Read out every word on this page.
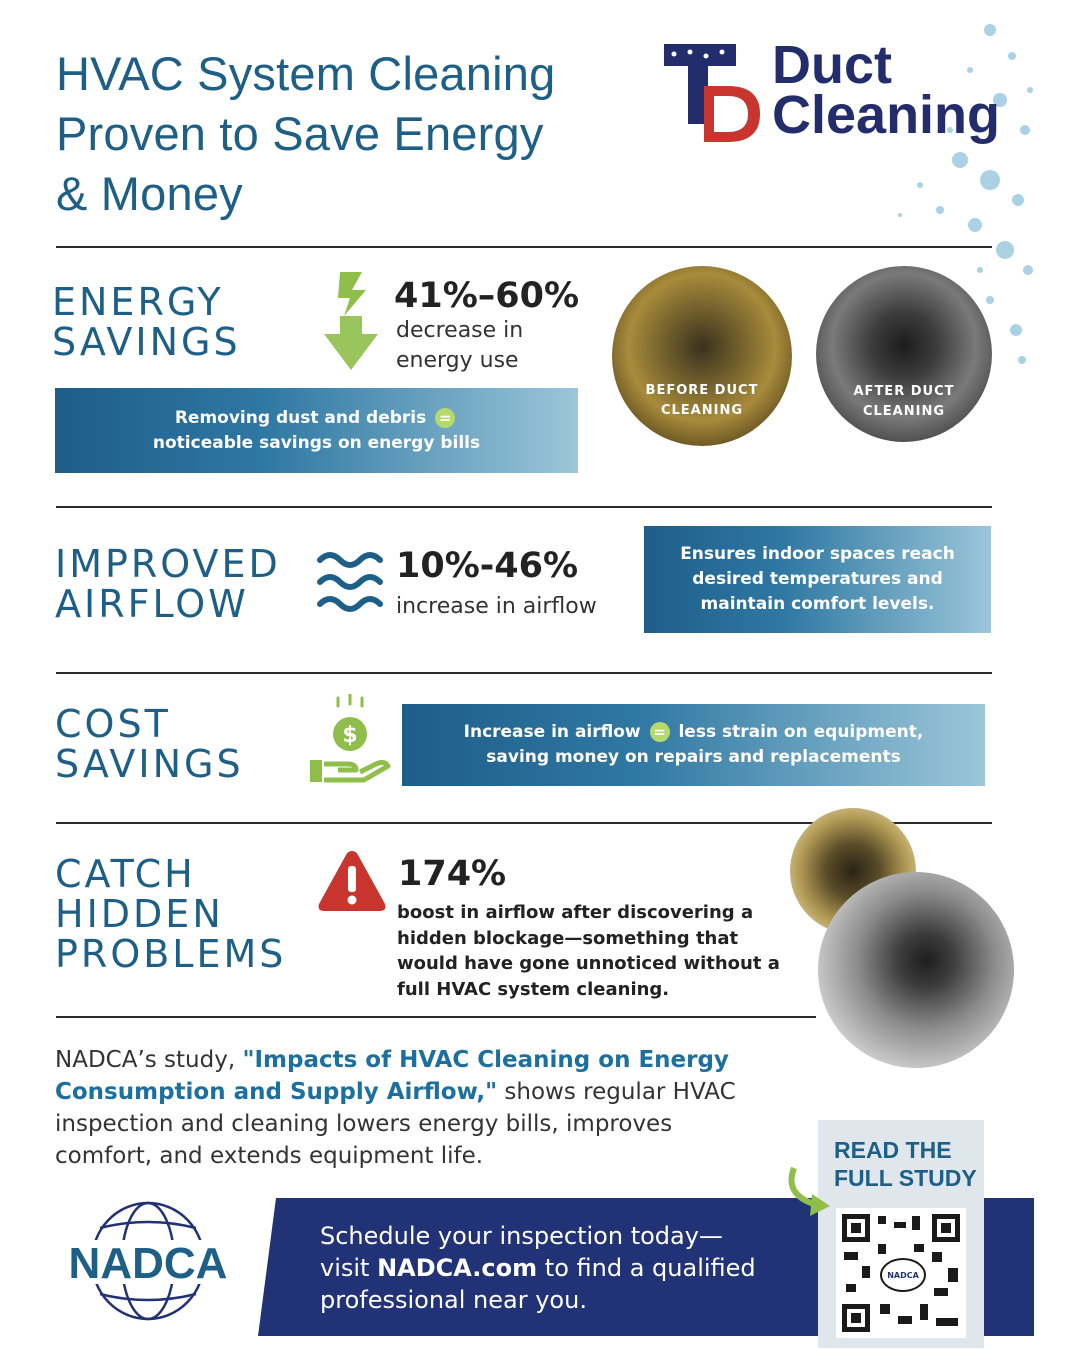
HVAC System Cleaning
Proven to Save Energy
& Money
Duct
Cleaning
ENERGY
SAVINGS
41%–60%
decrease in
energy use
Removing dust and debris =
noticeable savings on energy bills
BEFORE DUCT
CLEANING
AFTER DUCT
CLEANING
IMPROVED
AIRFLOW
10%-46%
increase in airflow
Ensures indoor spaces reach
desired temperatures and
maintain comfort levels.
COST
SAVINGS
$	Increase in airflow = less strain on equipment,
saving money on repairs and replacements
CATCH
HIDDEN
PROBLEMS
174%
boost in airflow after discovering a
hidden blockage—something that
would have gone unnoticed without a
full HVAC system cleaning.
NADCA’s study, "Impacts of HVAC Cleaning on Energy
Consumption and Supply Airflow," shows regular HVAC
inspection and cleaning lowers energy bills, improves
comfort, and extends equipment life.
NADCA
Schedule your inspection today—
visit NADCA.com to find a qualified
professional near you.
READ THE
FULL STUDY
NADCA
